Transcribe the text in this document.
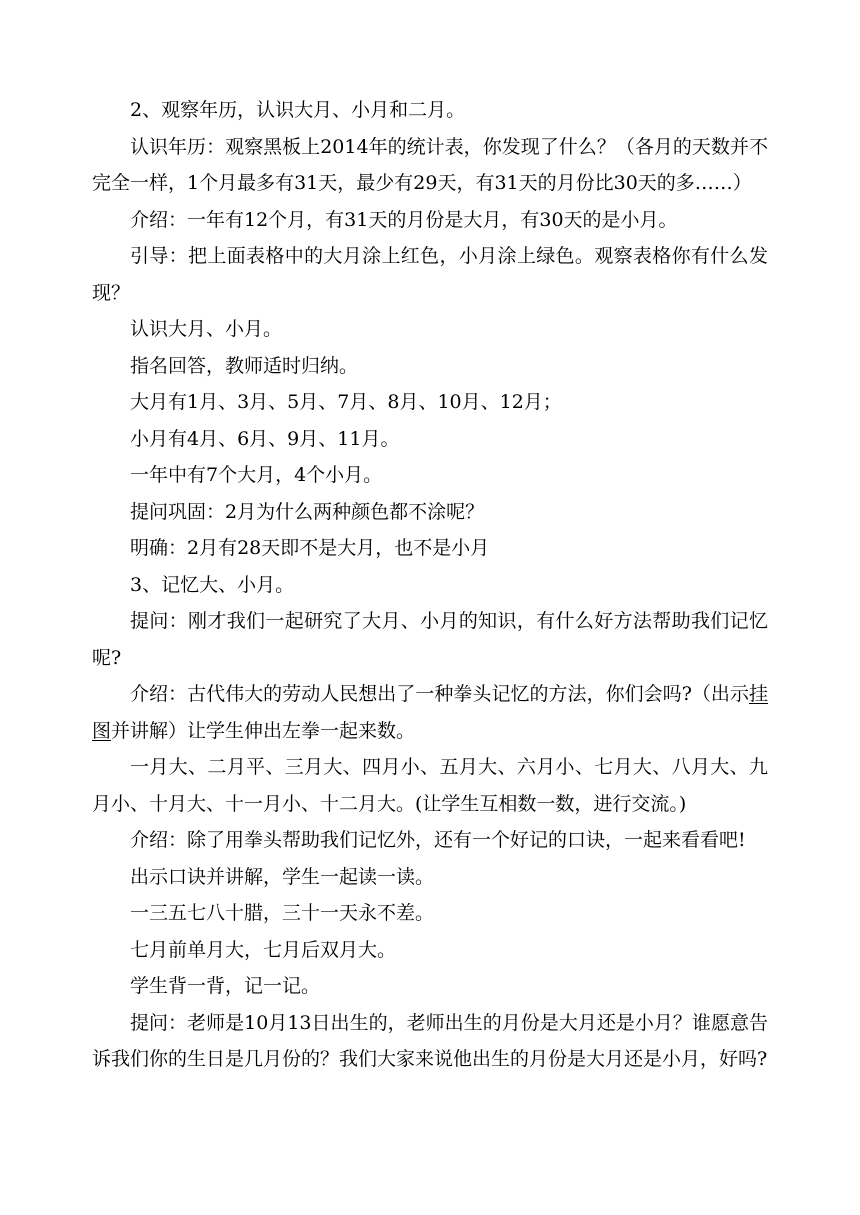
2、观察年历，认识大月、小月和二月。

认识年历：观察黑板上2014年的统计表，你发现了什么？（各月的天数并不完全一样，1个月最多有31天，最少有29天，有31天的月份比30天的多……）

介绍：一年有12个月，有31天的月份是大月，有30天的是小月。

引导：把上面表格中的大月涂上红色，小月涂上绿色。观察表格你有什么发现？

认识大月、小月。

指名回答，教师适时归纳。

大月有1月、3月、5月、7月、8月、10月、12月；

小月有4月、6月、9月、11月。

一年中有7个大月，4个小月。

提问巩固：2月为什么两种颜色都不涂呢？

明确：2月有28天即不是大月，也不是小月

3、记忆大、小月。

提问：刚才我们一起研究了大月、小月的知识，有什么好方法帮助我们记忆呢?

介绍：古代伟大的劳动人民想出了一种拳头记忆的方法，你们会吗?（出示挂图并讲解）让学生伸出左拳一起来数。

一月大、二月平、三月大、四月小、五月大、六月小、七月大、八月大、九月小、十月大、十一月小、十二月大。(让学生互相数一数，进行交流。)

介绍：除了用拳头帮助我们记忆外，还有一个好记的口诀，一起来看看吧!

出示口诀并讲解，学生一起读一读。

一三五七八十腊，三十一天永不差。

七月前单月大，七月后双月大。

学生背一背，记一记。

提问：老师是10月13日出生的，老师出生的月份是大月还是小月？谁愿意告诉我们你的生日是几月份的？我们大家来说他出生的月份是大月还是小月，好吗?
